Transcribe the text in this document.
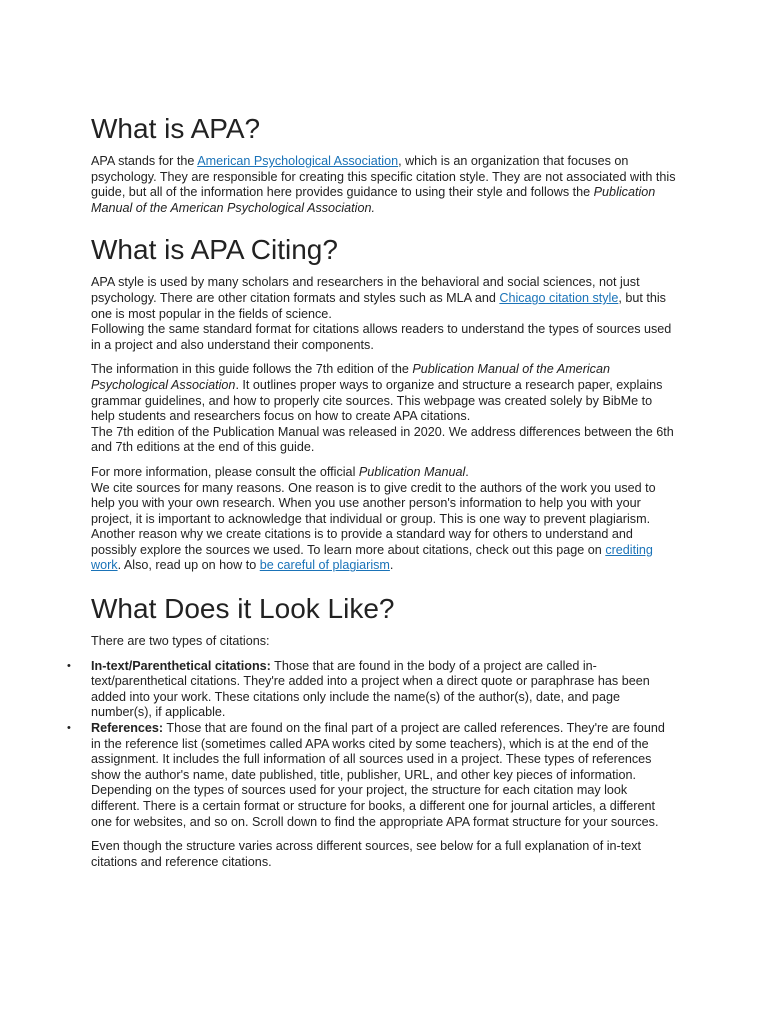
What is APA?

APA stands for the American Psychological Association, which is an organization that focuses on psychology. They are responsible for creating this specific citation style. They are not associated with this guide, but all of the information here provides guidance to using their style and follows the Publication Manual of the American Psychological Association.

What is APA Citing?

APA style is used by many scholars and researchers in the behavioral and social sciences, not just psychology. There are other citation formats and styles such as MLA and Chicago citation style, but this one is most popular in the fields of science.

Following the same standard format for citations allows readers to understand the types of sources used in a project and also understand their components.

The information in this guide follows the 7th edition of the Publication Manual of the American Psychological Association. It outlines proper ways to organize and structure a research paper, explains grammar guidelines, and how to properly cite sources. This webpage was created solely by BibMe to help students and researchers focus on how to create APA citations.

The 7th edition of the Publication Manual was released in 2020. We address differences between the 6th and 7th editions at the end of this guide.

For more information, please consult the official Publication Manual.

We cite sources for many reasons. One reason is to give credit to the authors of the work you used to help you with your own research. When you use another person's information to help you with your project, it is important to acknowledge that individual or group. This is one way to prevent plagiarism. Another reason why we create citations is to provide a standard way for others to understand and possibly explore the sources we used. To learn more about citations, check out this page on crediting work. Also, read up on how to be careful of plagiarism.

What Does it Look Like?

There are two types of citations:

• In-text/Parenthetical citations: Those that are found in the body of a project are called in-text/parenthetical citations. They're added into a project when a direct quote or paraphrase has been added into your work. These citations only include the name(s) of the author(s), date, and page number(s), if applicable.

• References: Those that are found on the final part of a project are called references. They're are found in the reference list (sometimes called APA works cited by some teachers), which is at the end of the assignment. It includes the full information of all sources used in a project. These types of references show the author's name, date published, title, publisher, URL, and other key pieces of information.

Depending on the types of sources used for your project, the structure for each citation may look different. There is a certain format or structure for books, a different one for journal articles, a different one for websites, and so on. Scroll down to find the appropriate APA format structure for your sources.

Even though the structure varies across different sources, see below for a full explanation of in-text citations and reference citations.
